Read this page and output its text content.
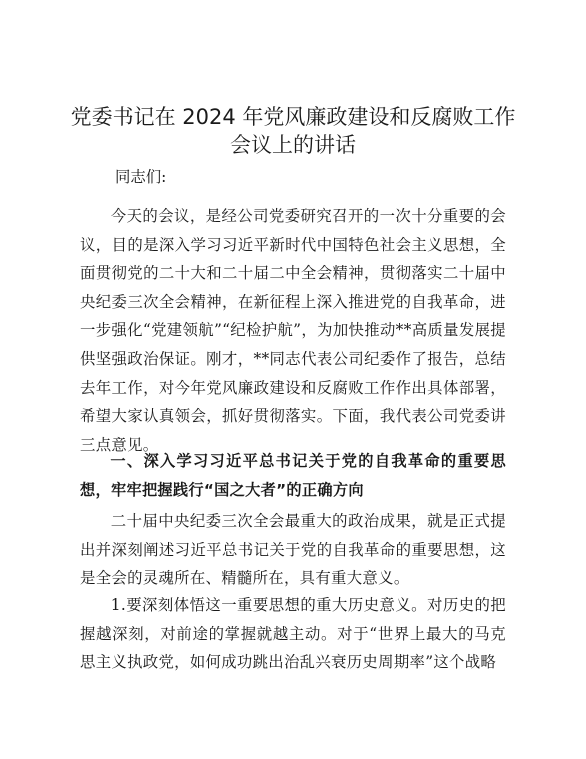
党委书记在 2024 年党风廉政建设和反腐败工作
会议上的讲话

同志们:

今天的会议，是经公司党委研究召开的一次十分重要的会议，目的是深入学习习近平新时代中国特色社会主义思想，全面贯彻党的二十大和二十届二中全会精神，贯彻落实二十届中央纪委三次全会精神，在新征程上深入推进党的自我革命，进一步强化“党建领航”“纪检护航”，为加快推动**高质量发展提供坚强政治保证。刚才，**同志代表公司纪委作了报告，总结去年工作，对今年党风廉政建设和反腐败工作作出具体部署，希望大家认真领会，抓好贯彻落实。下面，我代表公司党委讲三点意见。

一、深入学习习近平总书记关于党的自我革命的重要思想，牢牢把握践行“国之大者”的正确方向

二十届中央纪委三次全会最重大的政治成果，就是正式提出并深刻阐述习近平总书记关于党的自我革命的重要思想，这是全会的灵魂所在、精髓所在，具有重大意义。

1.要深刻体悟这一重要思想的重大历史意义。对历史的把握越深刻，对前途的掌握就越主动。对于“世界上最大的马克思主义执政党，如何成功跳出治乱兴衰历史周期率”这个战略
